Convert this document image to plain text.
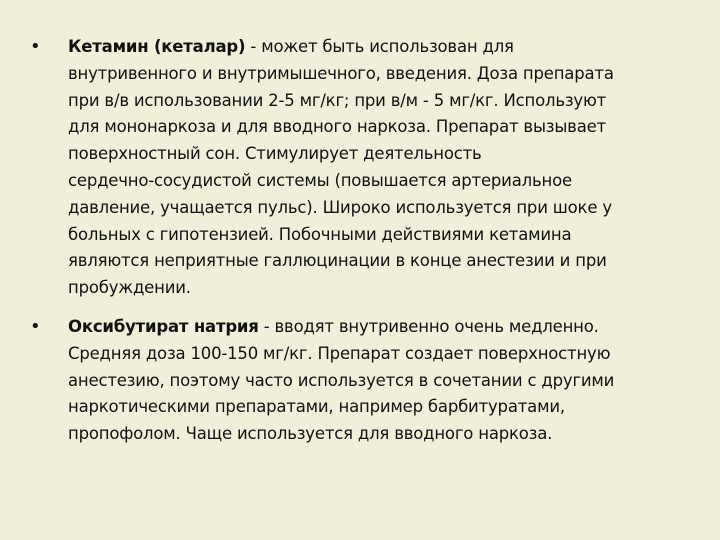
• Кетамин (кеталар) - может быть использован для
внутривенного и внутримышечного, введения. Доза препарата
при в/в использовании 2-5 мг/кг; при в/м - 5 мг/кг. Используют
для мононаркоза и для вводного наркоза. Препарат вызывает
поверхностный сон. Стимулирует деятельность
сердечно-сосудистой системы (повышается артериальное
давление, учащается пульс). Широко используется при шоке у
больных с гипотензией. Побочными действиями кетамина
являются неприятные галлюцинации в конце анестезии и при
пробуждении.
• Оксибутират натрия - вводят внутривенно очень медленно.
Средняя доза 100-150 мг/кг. Препарат создает поверхностную
анестезию, поэтому часто используется в сочетании с другими
наркотическими препаратами, например барбитуратами,
пропофолом. Чаще используется для вводного наркоза.
